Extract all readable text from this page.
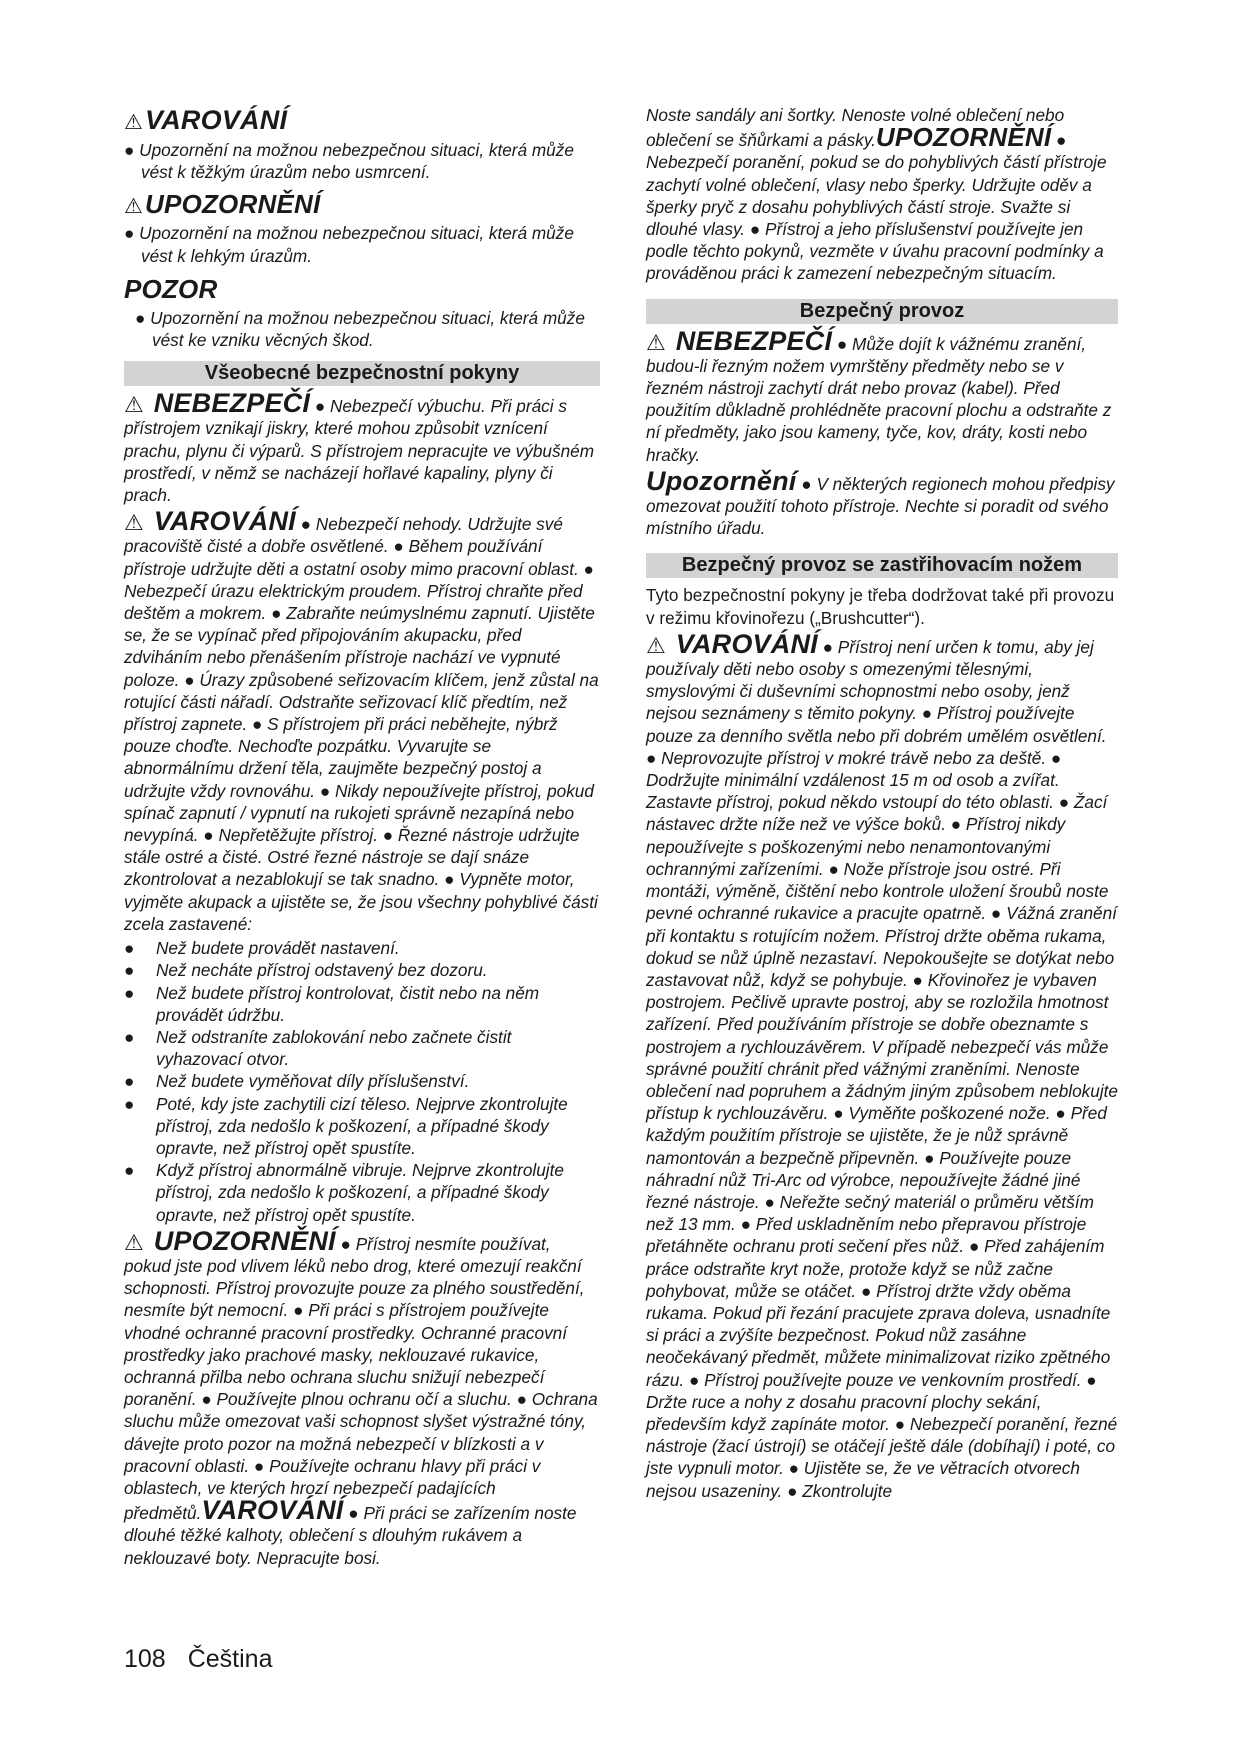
⚠VAROVÁNÍ
● Upozornění na možnou nebezpečnou situaci, která může vést k těžkým úrazům nebo usmrcení.
⚠UPOZORNĚNÍ
● Upozornění na možnou nebezpečnou situaci, která může vést k lehkým úrazům.
POZOR
● Upozornění na možnou nebezpečnou situaci, která může vést ke vzniku věcných škod.
Všeobecné bezpečnostní pokyny

⚠ NEBEZPEČÍ ● Nebezpečí výbuchu. Při práci s přístrojem vznikají jiskry, které mohou způsobit vznícení prachu, plynu či výparů. S přístrojem nepracujte ve výbušném prostředí, v němž se nacházejí hořlavé kapaliny, plyny či prach.

⚠ VAROVÁNÍ ● Nebezpečí nehody. Udržujte své pracoviště čisté a dobře osvětlené. ● Během používání přístroje udržujte děti a ostatní osoby mimo pracovní oblast. ● Nebezpečí úrazu elektrickým proudem. Přístroj chraňte před deštěm a mokrem. ● Zabraňte neúmyslnému zapnutí. Ujistěte se, že se vypínač před připojováním akupacku, před zdviháním nebo přenášením přístroje nachází ve vypnuté poloze. ● Úrazy způsobené seřizovacím klíčem, jenž zůstal na rotující části nářadí. Odstraňte seřizovací klíč předtím, než přístroj zapnete. ● S přístrojem při práci neběhejte, nýbrž pouze choďte. Nechoďte pozpátku. Vyvarujte se abnormálnímu držení těla, zaujměte bezpečný postoj a udržujte vždy rovnováhu. ● Nikdy nepoužívejte přístroj, pokud spínač zapnutí / vypnutí na rukojeti správně nezapíná nebo nevypíná. ● Nepřetěžujte přístroj. ● Řezné nástroje udržujte stále ostré a čisté. Ostré řezné nástroje se dají snáze zkontrolovat a nezablokují se tak snadno. ● Vypněte motor, vyjměte akupack a ujistěte se, že jsou všechny pohyblivé části zcela zastavené:

● Než budete provádět nastavení.
● Než necháte přístroj odstavený bez dozoru.
● Než budete přístroj kontrolovat, čistit nebo na něm provádět údržbu.
● Než odstraníte zablokování nebo začnete čistit vyhazovací otvor.
● Než budete vyměňovat díly příslušenství.
● Poté, kdy jste zachytili cizí těleso. Nejprve zkontrolujte přístroj, zda nedošlo k poškození, a případné škody opravte, než přístroj opět spustíte.
● Když přístroj abnormálně vibruje. Nejprve zkontrolujte přístroj, zda nedošlo k poškození, a případné škody opravte, než přístroj opět spustíte.

⚠ UPOZORNĚNÍ ● Přístroj nesmíte používat, pokud jste pod vlivem léků nebo drog, které omezují reakční schopnosti. Přístroj provozujte pouze za plného soustředění, nesmíte být nemocní. ● Při práci s přístrojem používejte vhodné ochranné pracovní prostředky. Ochranné pracovní prostředky jako prachové masky, neklouzavé rukavice, ochranná přilba nebo ochrana sluchu snižují nebezpečí poranění. ● Používejte plnou ochranu očí a sluchu. ● Ochrana sluchu může omezovat vaši schopnost slyšet výstražné tóny, dávejte proto pozor na možná nebezpečí v blízkosti a v pracovní oblasti. ● Používejte ochranu hlavy při práci v oblastech, ve kterých hrozí nebezpečí padajících předmětů.VAROVÁNÍ ● Při práci se zařízením noste dlouhé těžké kalhoty, oblečení s dlouhým rukávem a neklouzavé boty. Nepracujte bosi.

Noste sandály ani šortky. Nenoste volné oblečení nebo oblečení se šňůrkami a pásky.UPOZORNĚNÍ ● Nebezpečí poranění, pokud se do pohyblivých částí přístroje zachytí volné oblečení, vlasy nebo šperky. Udržujte oděv a šperky pryč z dosahu pohyblivých částí stroje. Svažte si dlouhé vlasy. ● Přístroj a jeho příslušenství používejte jen podle těchto pokynů, vezměte v úvahu pracovní podmínky a prováděnou práci k zamezení nebezpečným situacím.

Bezpečný provoz

⚠ NEBEZPEČÍ ● Může dojít k vážnému zranění, budou-li řezným nožem vymrštěny předměty nebo se v řezném nástroji zachytí drát nebo provaz (kabel). Před použitím důkladně prohlédněte pracovní plochu a odstraňte z ní předměty, jako jsou kameny, tyče, kov, dráty, kosti nebo hračky.

Upozornění ● V některých regionech mohou předpisy omezovat použití tohoto přístroje. Nechte si poradit od svého místního úřadu.

Bezpečný provoz se zastřihovacím nožem

Tyto bezpečnostní pokyny je třeba dodržovat také při provozu v režimu křovinořezu („Brushcutter“).

⚠ VAROVÁNÍ ● Přístroj není určen k tomu, aby jej používaly děti nebo osoby s omezenými tělesnými, smyslovými či duševními schopnostmi nebo osoby, jenž nejsou seznámeny s těmito pokyny. ● Přístroj používejte pouze za denního světla nebo při dobrém umělém osvětlení. ● Neprovozujte přístroj v mokré trávě nebo za deště. ● Dodržujte minimální vzdálenost 15 m od osob a zvířat. Zastavte přístroj, pokud někdo vstoupí do této oblasti. ● Žací nástavec držte níže než ve výšce boků. ● Přístroj nikdy nepoužívejte s poškozenými nebo nenamontovanými ochrannými zařízeními. ● Nože přístroje jsou ostré. Při montáži, výměně, čištění nebo kontrole uložení šroubů noste pevné ochranné rukavice a pracujte opatrně. ● Vážná zranění při kontaktu s rotujícím nožem. Přístroj držte oběma rukama, dokud se nůž úplně nezastaví. Nepokoušejte se dotýkat nebo zastavovat nůž, když se pohybuje. ● Křovinořez je vybaven postrojem. Pečlivě upravte postroj, aby se rozložila hmotnost zařízení. Před používáním přístroje se dobře obeznamte s postrojem a rychlouzávěrem. V případě nebezpečí vás může správné použití chránit před vážnými zraněními. Nenoste oblečení nad popruhem a žádným jiným způsobem neblokujte přístup k rychlouzávěru. ● Vyměňte poškozené nože. ● Před každým použitím přístroje se ujistěte, že je nůž správně namontován a bezpečně připevněn. ● Používejte pouze náhradní nůž Tri-Arc od výrobce, nepoužívejte žádné jiné řezné nástroje. ● Neřežte sečný materiál o průměru větším než 13 mm. ● Před uskladněním nebo přepravou přístroje přetáhněte ochranu proti sečení přes nůž. ● Před zahájením práce odstraňte kryt nože, protože když se nůž začne pohybovat, může se otáčet. ● Přístroj držte vždy oběma rukama. Pokud při řezání pracujete zprava doleva, usnadníte si práci a zvýšíte bezpečnost. Pokud nůž zasáhne neočekávaný předmět, můžete minimalizovat riziko zpětného rázu. ● Přístroj používejte pouze ve venkovním prostředí. ● Držte ruce a nohy z dosahu pracovní plochy sekání, především když zapínáte motor. ● Nebezpečí poranění, řezné nástroje (žací ústrojí) se otáčejí ještě dále (dobíhají) i poté, co jste vypnuli motor. ● Ujistěte se, že ve větracích otvorech nejsou usazeniny. ● Zkontrolujte

108 Čeština
